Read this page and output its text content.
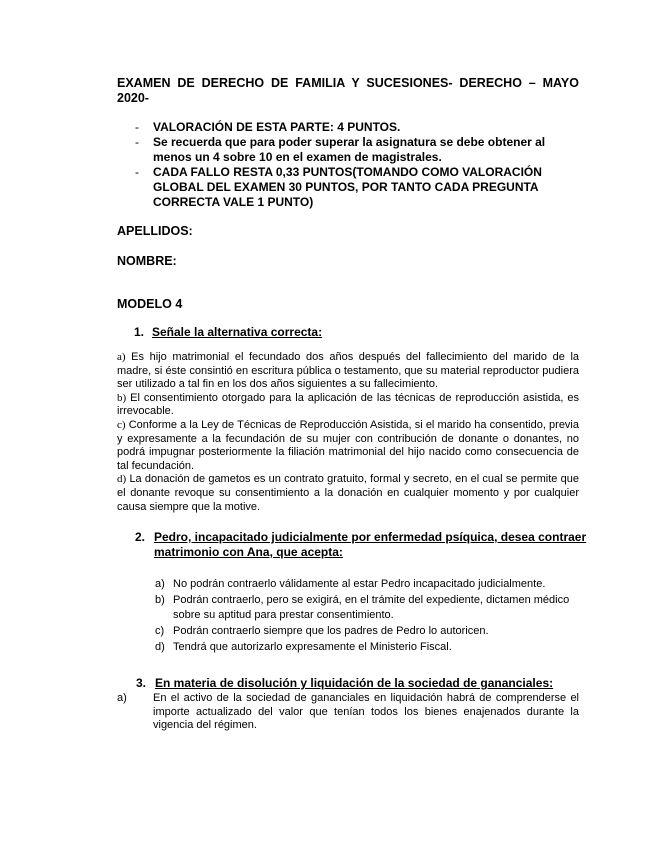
EXAMEN DE DERECHO DE FAMILIA Y SUCESIONES- DERECHO – MAYO 2020-
- VALORACIÓN DE ESTA PARTE: 4 PUNTOS.
- Se recuerda que para poder superar la asignatura se debe obtener al menos un 4 sobre 10 en el examen de magistrales.
- CADA FALLO RESTA 0,33 PUNTOS(TOMANDO COMO VALORACIÓN GLOBAL DEL EXAMEN 30 PUNTOS, POR TANTO CADA PREGUNTA CORRECTA VALE 1 PUNTO)
APELLIDOS:
NOMBRE:
MODELO 4
1. Señale la alternativa correcta:

a) Es hijo matrimonial el fecundado dos años después del fallecimiento del marido de la madre, si éste consintió en escritura pública o testamento, que su material reproductor pudiera ser utilizado a tal fin en los dos años siguientes a su fallecimiento.

b) El consentimiento otorgado para la aplicación de las técnicas de reproducción asistida, es irrevocable.

c) Conforme a la Ley de Técnicas de Reproducción Asistida, si el marido ha consentido, previa y expresamente a la fecundación de su mujer con contribución de donante o donantes, no podrá impugnar posteriormente la filiación matrimonial del hijo nacido como consecuencia de tal fecundación.

d) La donación de gametos es un contrato gratuito, formal y secreto, en el cual se permite que el donante revoque su consentimiento a la donación en cualquier momento y por cualquier causa siempre que la motive.

2. Pedro, incapacitado judicialmente por enfermedad psíquica, desea contraer matrimonio con Ana, que acepta:
a) No podrán contraerlo válidamente al estar Pedro incapacitado judicialmente.
b) Podrán contraerlo, pero se exigirá, en el trámite del expediente, dictamen médico sobre su aptitud para prestar consentimiento.
c) Podrán contraerlo siempre que los padres de Pedro lo autoricen.
d) Tendrá que autorizarlo expresamente el Ministerio Fiscal.
3. En materia de disolución y liquidación de la sociedad de gananciales:
a) En el activo de la sociedad de gananciales en liquidación habrá de comprenderse el importe actualizado del valor que tenían todos los bienes enajenados durante la vigencia del régimen.
